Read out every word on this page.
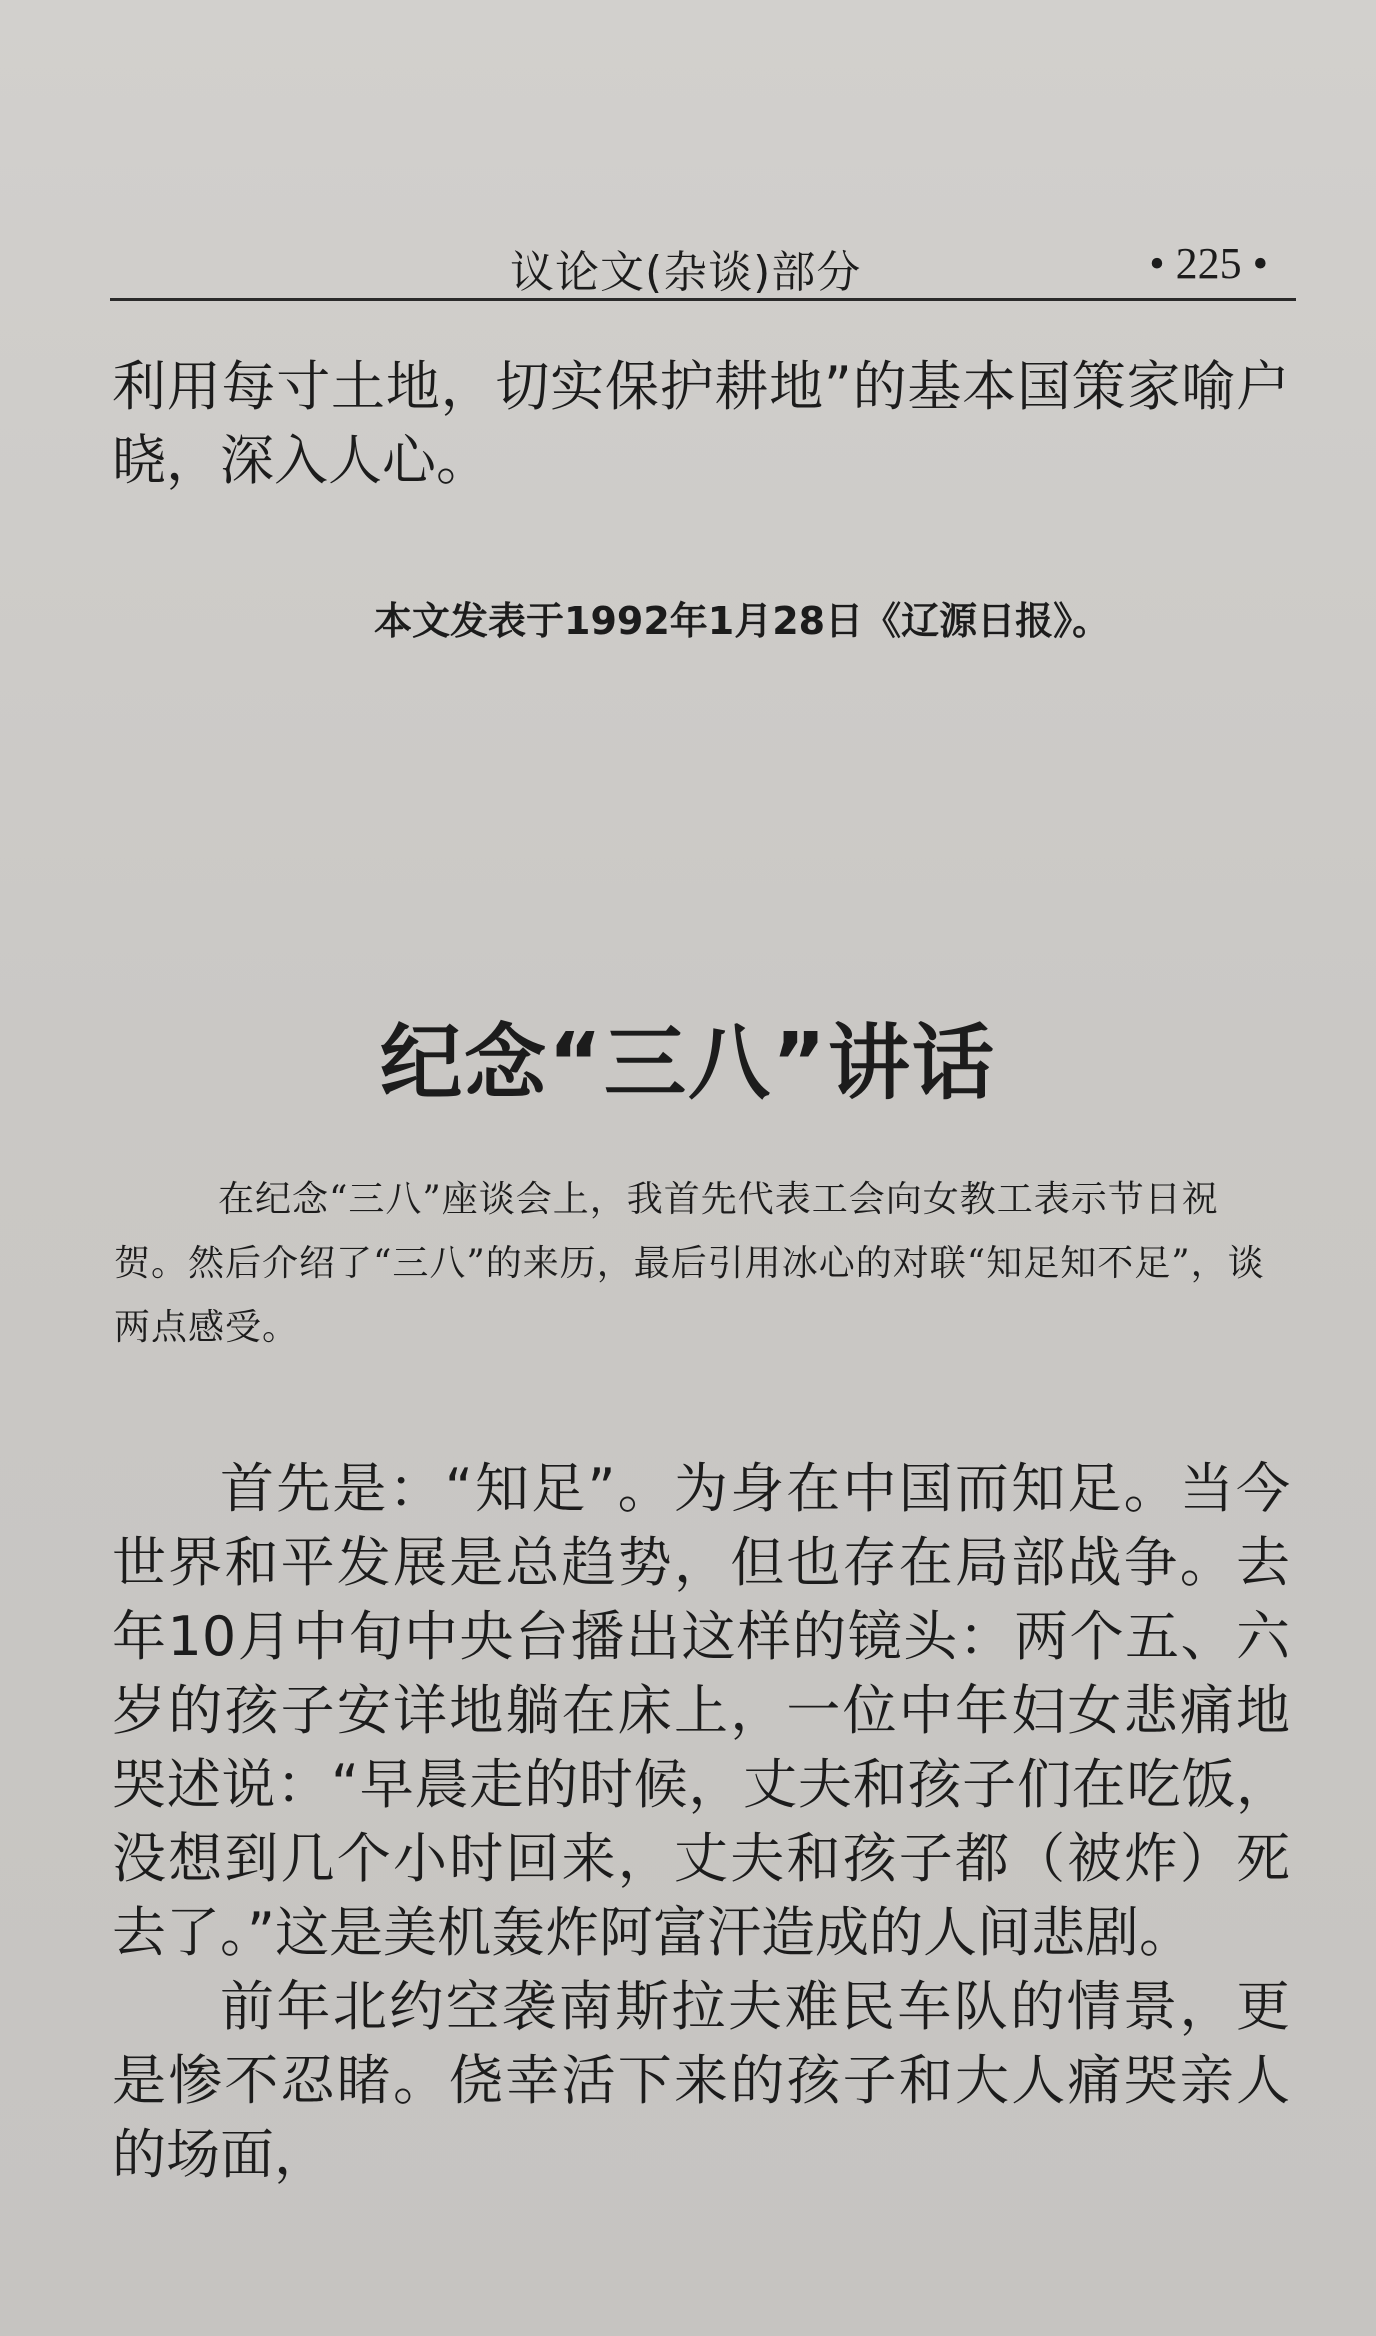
议论文(杂谈)部分	• 225 •

利用每寸土地，切实保护耕地”的基本国策家喻户晓，深入人心。

本文发表于1992年1月28日《辽源日报》。

纪念“三八”讲话

在纪念“三八”座谈会上，我首先代表工会向女教工表示节日祝贺。然后介绍了“三八”的来历，最后引用冰心的对联“知足知不足”，谈两点感受。

首先是：“知足”。为身在中国而知足。当今世界和平发展是总趋势，但也存在局部战争。去年10月中旬中央台播出这样的镜头：两个五、六岁的孩子安详地躺在床上，一位中年妇女悲痛地哭述说：“早晨走的时候，丈夫和孩子们在吃饭，没想到几个小时回来，丈夫和孩子都（被炸）死去了。”这是美机轰炸阿富汗造成的人间悲剧。

前年北约空袭南斯拉夫难民车队的情景，更是惨不忍睹。侥幸活下来的孩子和大人痛哭亲人的场面，
